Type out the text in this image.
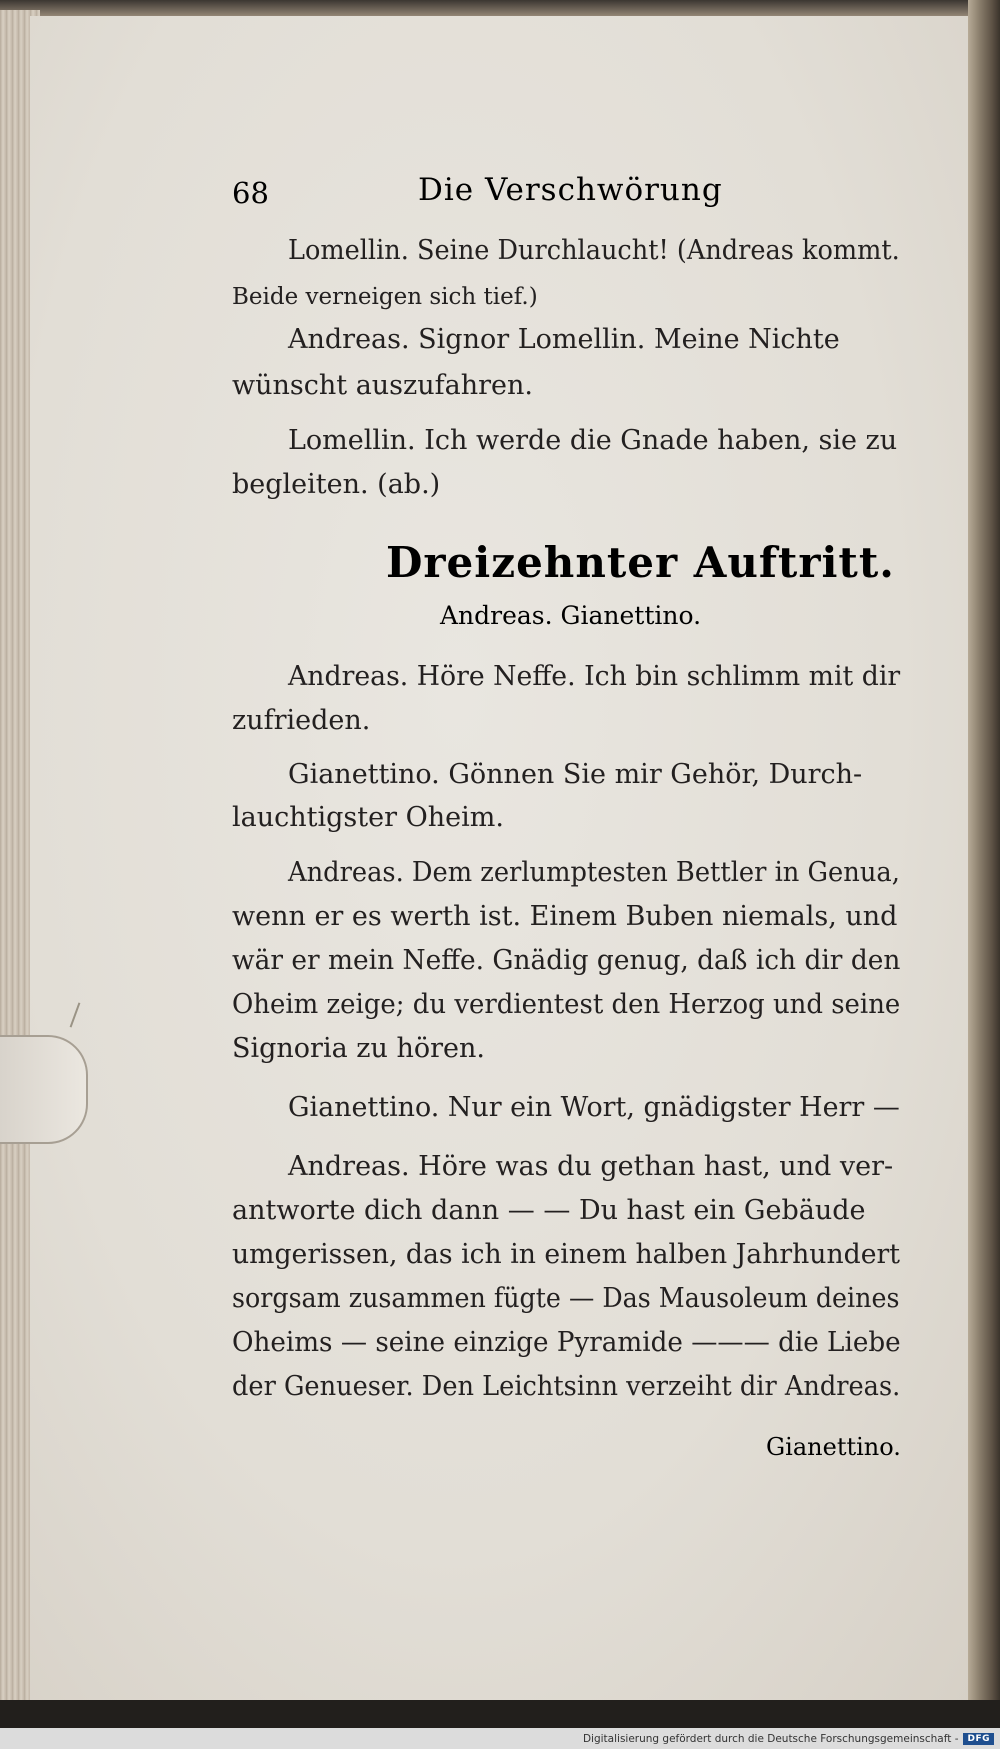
68	Die Verschwörung
Lomellin. Seine Durchlaucht! (Andreas kommt.
Beide verneigen sich tief.)
Andreas. Signor Lomellin. Meine Nichte
wünscht auszufahren.
Lomellin. Ich werde die Gnade haben, sie zu
begleiten. (ab.)
Dreizehnter Auftritt.
Andreas. Gianettino.
Andreas. Höre Neffe. Ich bin schlimm mit dir
zufrieden.
Gianettino. Gönnen Sie mir Gehör, Durch-
lauchtigster Oheim.
Andreas. Dem zerlumptesten Bettler in Genua,
wenn er es werth ist. Einem Buben niemals, und
wär er mein Neffe. Gnädig genug, daß ich dir den
Oheim zeige; du verdientest den Herzog und seine
Signoria zu hören.
Gianettino. Nur ein Wort, gnädigster Herr —
Andreas. Höre was du gethan hast, und ver-
antworte dich dann — — Du hast ein Gebäude
umgerissen, das ich in einem halben Jahrhundert
sorgsam zusammen fügte — Das Mausoleum deines
Oheims — seine einzige Pyramide ——— die Liebe
der Genueser. Den Leichtsinn verzeiht dir Andreas.
Gianettino.
Digitalisierung gefördert durch die Deutsche Forschungsgemeinschaft -	DFG
